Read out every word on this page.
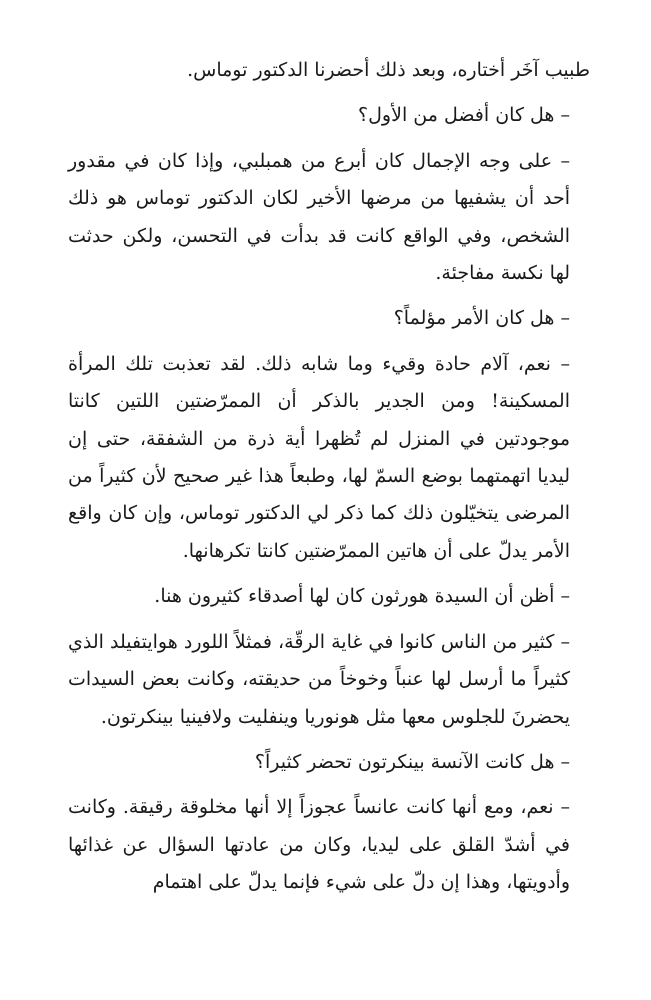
طبيب آخَر أختاره، وبعد ذلك أحضرنا الدكتور توماس.

– هل كان أفضل من الأول؟

– على وجه الإجمال كان أبرع من همبلبي، وإذا كان في مقدور أحد أن يشفيها من مرضها الأخير لكان الدكتور توماس هو ذلك الشخص، وفي الواقع كانت قد بدأت في التحسن، ولكن حدثت لها نكسة مفاجئة.

– هل كان الأمر مؤلماً؟

– نعم، آلام حادة وقيء وما شابه ذلك. لقد تعذبت تلك المرأة المسكينة! ومن الجدير بالذكر أن الممرّضتين اللتين كانتا موجودتين في المنزل لم تُظهرا أية ذرة من الشفقة، حتى إن ليديا اتهمتهما بوضع السمّ لها، وطبعاً هذا غير صحيح لأن كثيراً من المرضى يتخيّلون ذلك كما ذكر لي الدكتور توماس، وإن كان واقع الأمر يدلّ على أن هاتين الممرّضتين كانتا تكرهانها.

– أظن أن السيدة هورثون كان لها أصدقاء كثيرون هنا.

– كثير من الناس كانوا في غاية الرقّة، فمثلاً اللورد هوايتفيلد الذي كثيراً ما أرسل لها عنباً وخوخاً من حديقته، وكانت بعض السيدات يحضرنَ للجلوس معها مثل هونوريا وينفليت ولافينيا بينكرتون.

– هل كانت الآنسة بينكرتون تحضر كثيراً؟

– نعم، ومع أنها كانت عانساً عجوزاً إلا أنها مخلوقة رقيقة. وكانت في أشدّ القلق على ليديا، وكان من عادتها السؤال عن غذائها وأدويتها، وهذا إن دلّ على شيء فإنما يدلّ على اهتمام
